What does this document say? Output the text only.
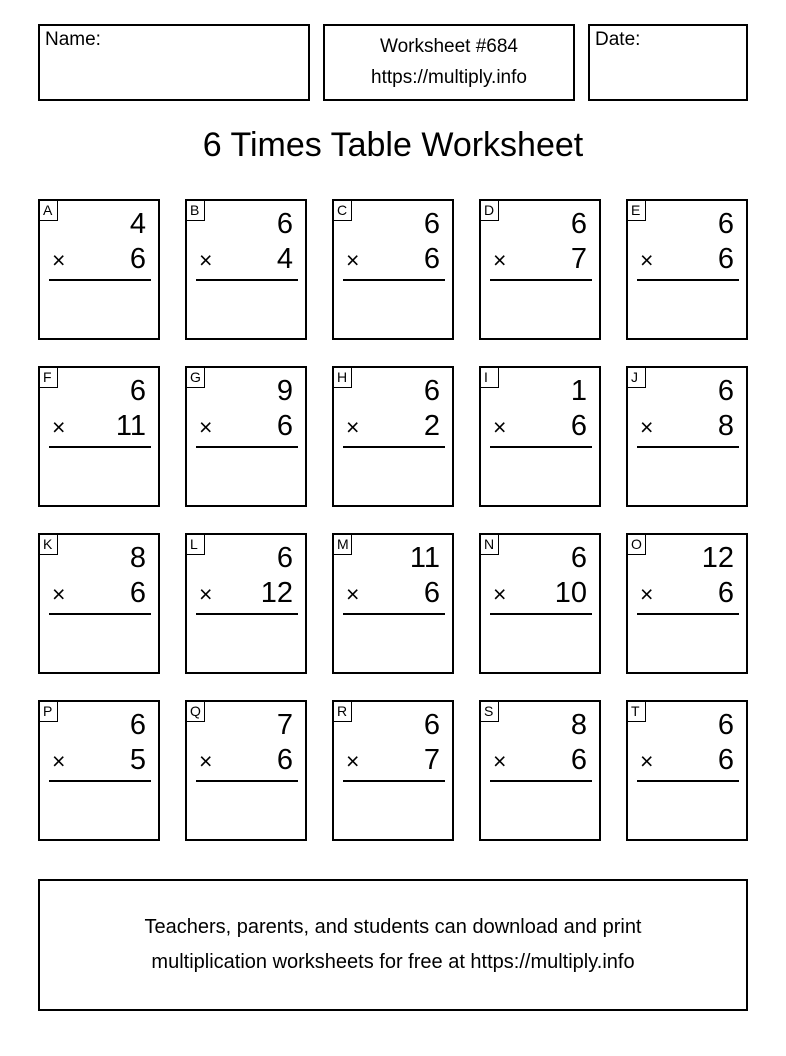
Name:	Worksheet #684
https://multiply.info
Date:
6 Times Table Worksheet
A	4
× 6
B	6
× 4
C	6
× 6
D	6
× 7
E	6
× 6
F	6
× 11
G	9
× 6
H	6
× 2
I	1
× 6
J	6
× 8
K	8
× 6
L	6
× 12
M 11
× 6
N	6
× 10
O 12
× 6
P	6
× 5
Q	7
× 6
R	6
× 7
S	8
× 6
T	6
× 6
Teachers, parents, and students can download and print
multiplication worksheets for free at https://multiply.info
